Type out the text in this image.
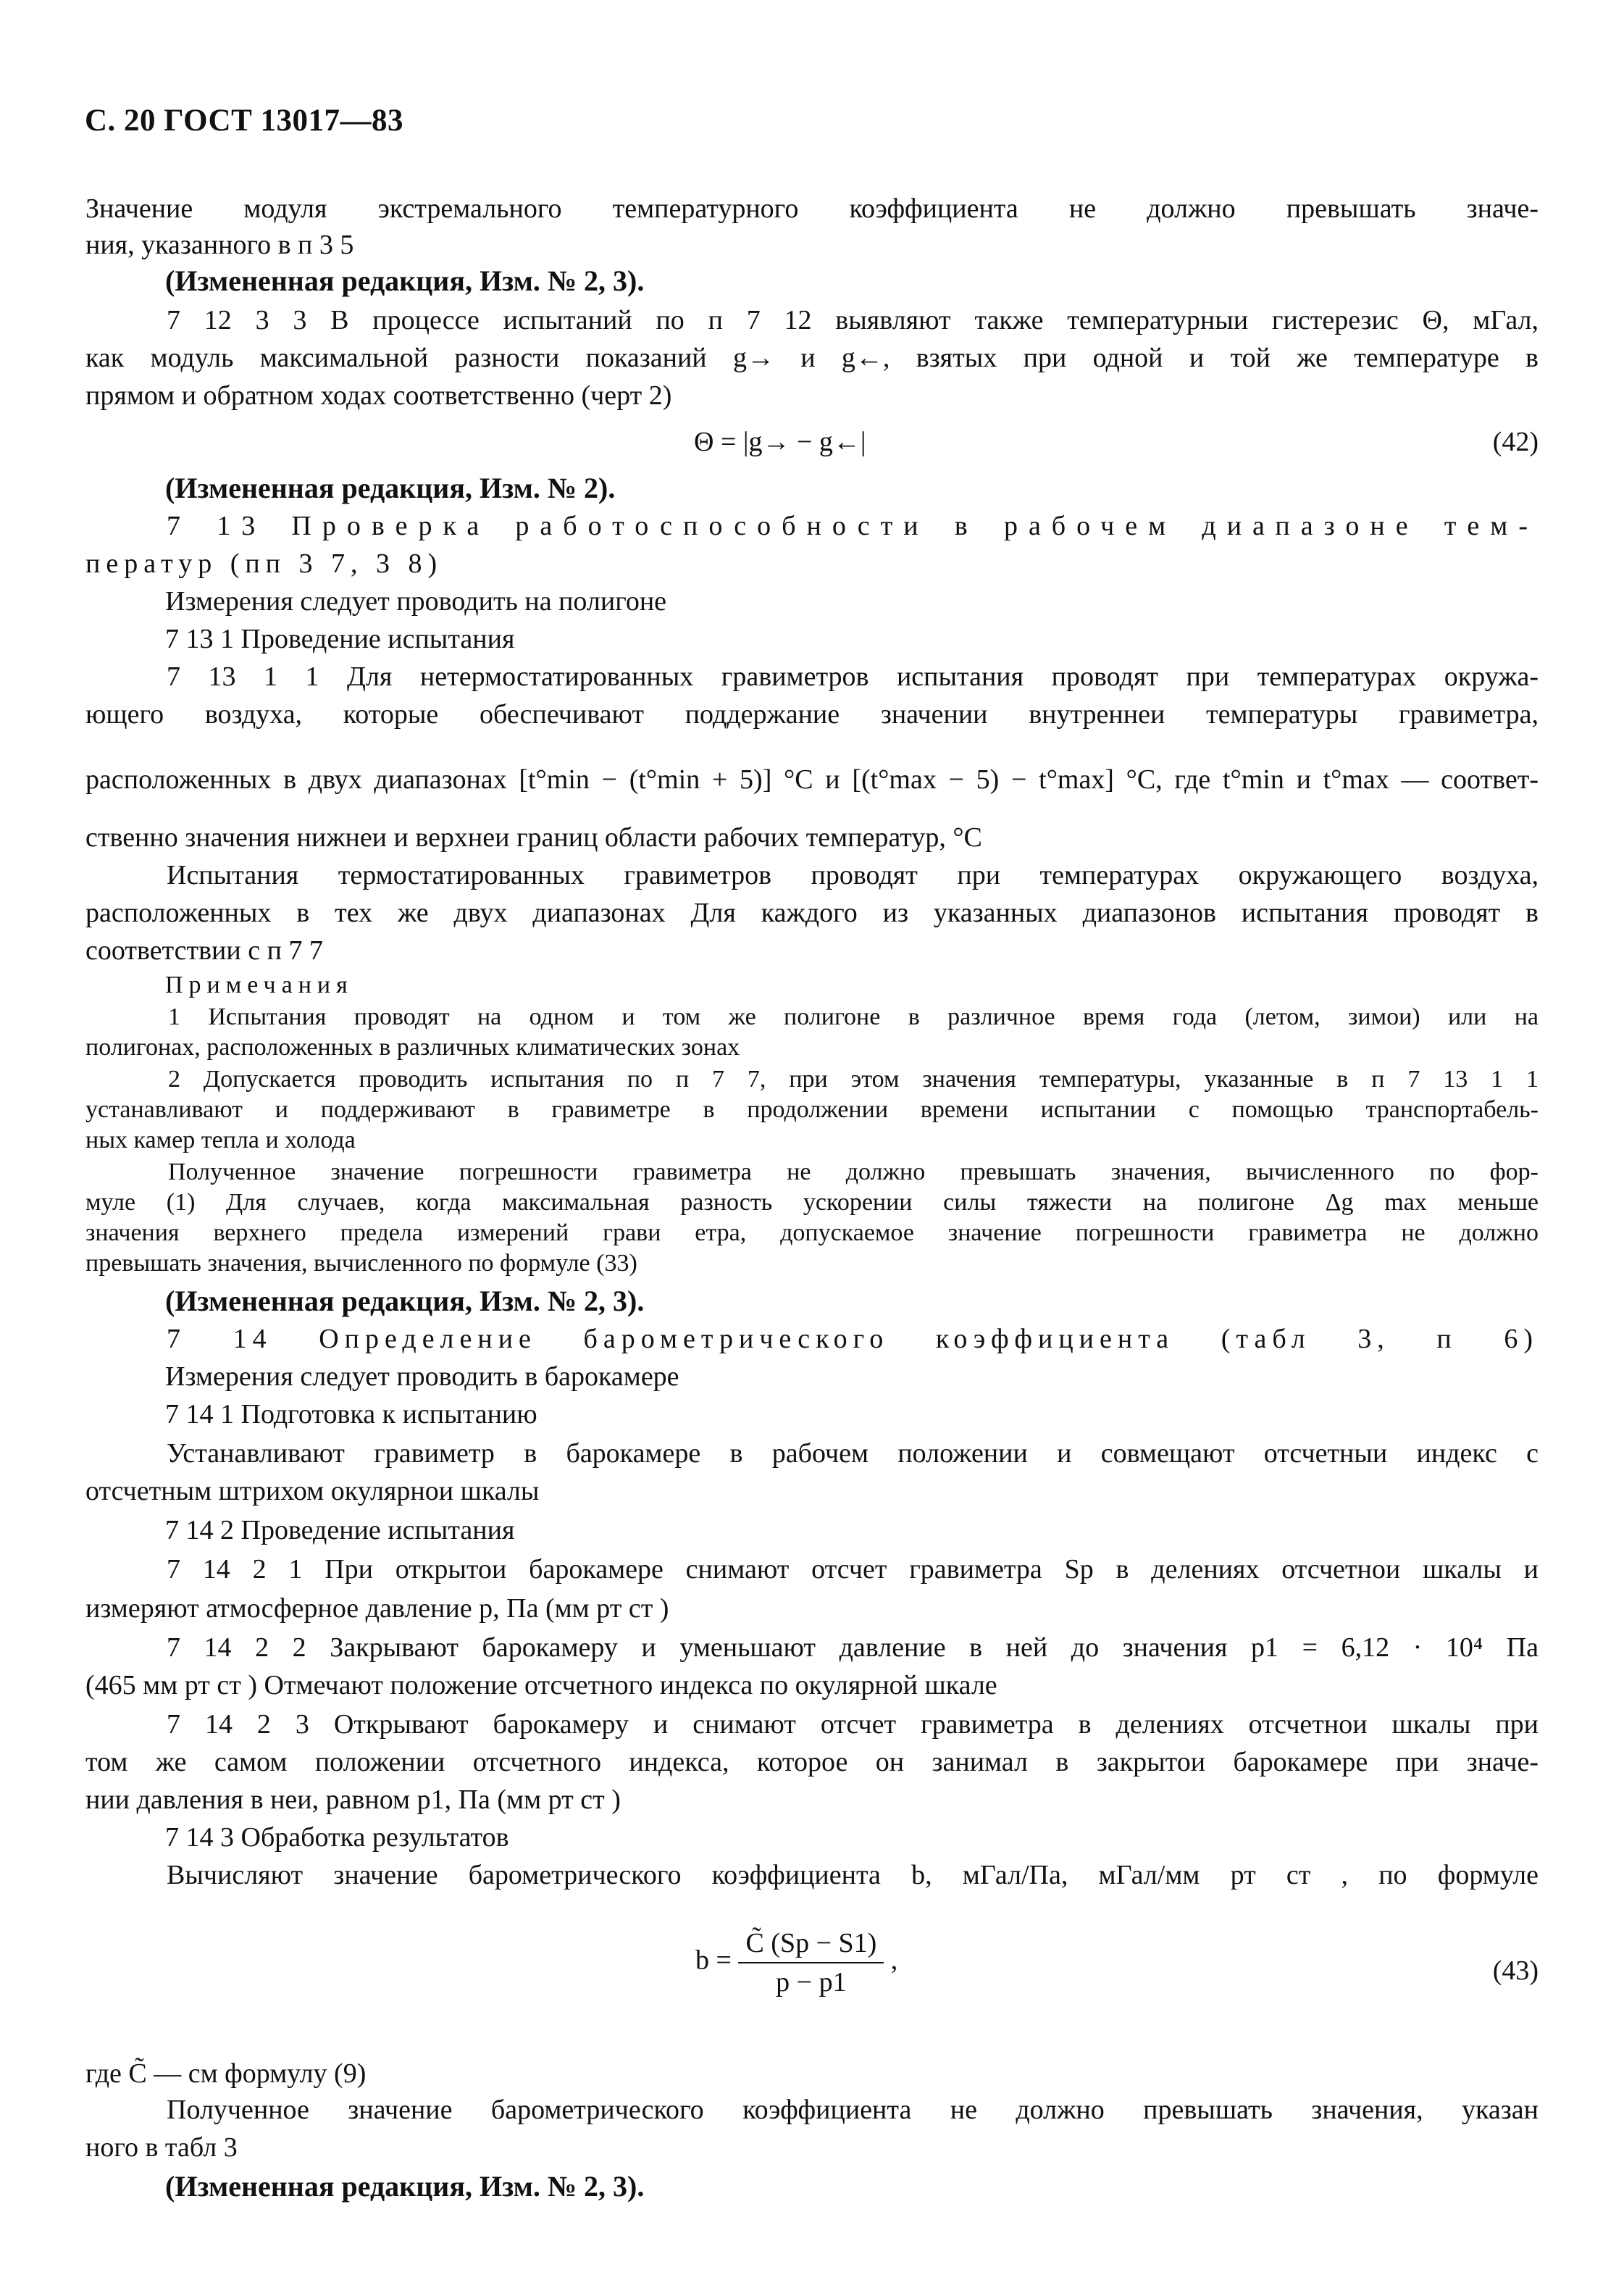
С. 20 ГОСТ 13017—83
Значение модуля экстремального температурного коэффициента не должно превышать значе-
ния, указанного в п 3 5
(Измененная редакция, Изм. № 2, 3).
7 12 3 3 В процессе испытаний по п 7 12 выявляют также температурныи гистерезис Θ, мГал,
как модуль максимальной разности показаний g→ и g←, взятых при одной и той же температуре в
прямом и обратном ходах соответственно (черт 2)
Θ = |g→ − g←|	(42)
(Измененная редакция, Изм. № 2).
7 13 Проверка работоспособности в рабочем диапазоне тем-
ператур (пп 3 7, 3 8)
Измерения следует проводить на полигоне
7 13 1 Проведение испытания
7 13 1 1 Для нетермостатированных гравиметров испытания проводят при температурах окружа-
ющего воздуха, которые обеспечивают поддержание значении внутреннеи температуры гравиметра,
расположенных в двух диапазонах [t°min − (t°min + 5)] °С и [(t°max − 5) − t°max] °С, где t°min и t°max — соответ-
ственно значения нижнеи и верхнеи границ области рабочих температур, °С
Испытания термостатированных гравиметров проводят при температурах окружающего воздуха,
расположенных в тех же двух диапазонах Для каждого из указанных диапазонов испытания проводят в
соответствии с п 7 7
Примечания
1 Испытания проводят на одном и том же полигоне в различное время года (летом, зимои) или на
полигонах, расположенных в различных климатических зонах
2 Допускается проводить испытания по п 7 7, при этом значения температуры, указанные в п 7 13 1 1
устанавливают и поддерживают в гравиметре в продолжении времени испытании с помощью транспортабель-
ных камер тепла и холода
Полученное значение погрешности гравиметра не должно превышать значения, вычисленного по фор-
муле (1) Для случаев, когда максимальная разность ускорении силы тяжести на полигоне Δg max меньше
значения верхнего предела измерений грави етра, допускаемое значение погрешности гравиметра не должно
превышать значения, вычисленного по формуле (33)
(Измененная редакция, Изм. № 2, 3).
7 14 Определение барометрического коэффициента (табл 3, п 6)
Измерения следует проводить в барокамере
7 14 1 Подготовка к испытанию
Устанавливают гравиметр в барокамере в рабочем положении и совмещают отсчетныи индекс с
отсчетным штрихом окулярнои шкалы
7 14 2 Проведение испытания
7 14 2 1 При открытои барокамере снимают отсчет гравиметра Sp в делениях отсчетнои шкалы и
измеряют атмосферное давление p, Па (мм рт ст )
7 14 2 2 Закрывают барокамеру и уменьшают давление в ней до значения p1 = 6,12 · 10⁴ Па
(465 мм рт ст ) Отмечают положение отсчетного индекса по окулярной шкале
7 14 2 3 Открывают барокамеру и снимают отсчет гравиметра в делениях отсчетнои шкалы при
том же самом положении отсчетного индекса, которое он занимал в закрытои барокамере при значе-
нии давления в неи, равном p1, Па (мм рт ст )
7 14 3 Обработка результатов
Вычисляют значение барометрического коэффициента b, мГал/Па, мГал/мм рт ст , по формуле
$b = \frac{C̃ (Sp - S1)}{p - p1}$ ,	(43)
где C̃ — см формулу (9)
Полученное значение барометрического коэффициента не должно превышать значения, указан
ного в табл 3
(Измененная редакция, Изм. № 2, 3).
